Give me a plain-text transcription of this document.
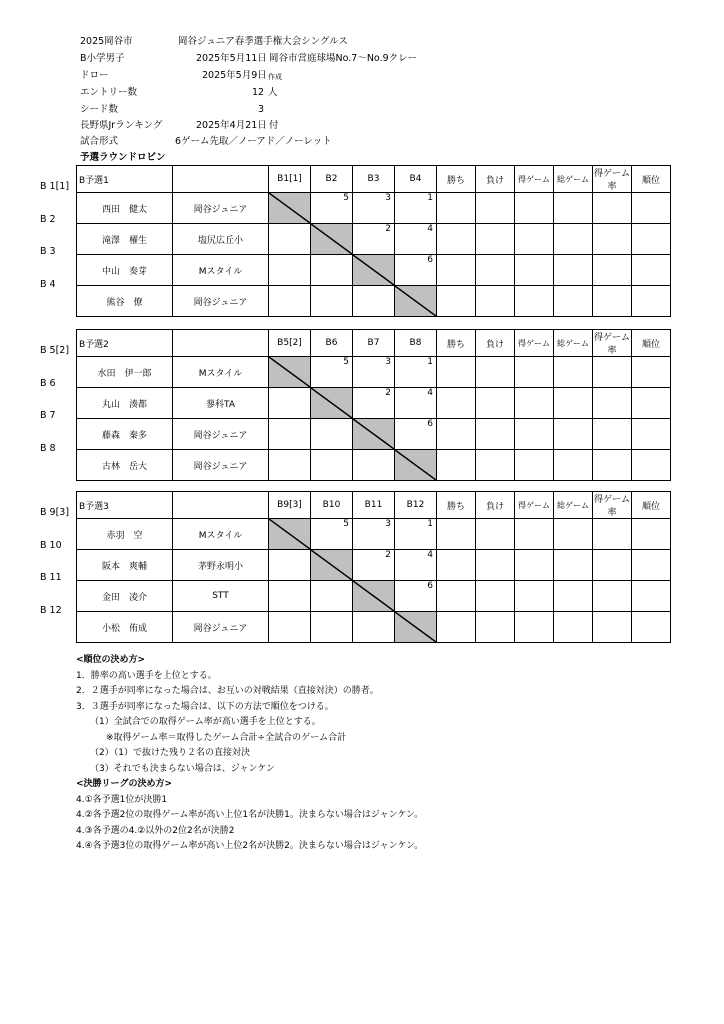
2025岡谷市	岡谷ジュニア春季選手権大会シングルス
B小学男子	2025年5月11日 岡谷市営庭球場No.7～No.9クレー
ドロー	2025年5月9日 作成
エントリー数	12 人
シード数	3
長野県Jrランキング	2025年4月21日 付
試合形式	6ゲーム先取／ノーアド／ノーレット
予選ラウンドロビン
B 1[1]
B 2
B 3
B 4
B予選1		B1[1]	B2	B3	B4	勝ち	負け	得ゲーム	総ゲーム	得ゲーム率	順位
西田　健太	岡谷ジュニア		5	3	1						
滝澤　櫂生	塩尻広丘小			2	4						
中山　奏芽	Mスタイル				6						
熊谷　僚	岡谷ジュニア				

B 5[2]
B 6
B 7
B 8
B予選2		B5[2]	B6	B7	B8	勝ち	負け	得ゲーム	総ゲーム	得ゲーム率	順位
水田　伊一郎	Mスタイル		5	3	1						
丸山　湊都	蓼科TA			2	4						
藤森　秦多	岡谷ジュニア				6						
古林　岳大	岡谷ジュニア				

B 9[3]
B 10
B 11
B 12
B予選3		B9[3]	B10	B11	B12	勝ち	負け	得ゲーム	総ゲーム	得ゲーム率	順位
赤羽　空	Mスタイル		5	3	1						
阪本　爽輔	茅野永明小			2	4						
金田　凌介	STT				6						
小松　侑成	岡谷ジュニア				

<順位の決め方>
1．勝率の高い選手を上位とする。
2．２選手が同率になった場合は、お互いの対戦結果（直接対決）の勝者。
3．３選手が同率になった場合は、以下の方法で順位をつける。
（1）全試合での取得ゲーム率が高い選手を上位とする。
※取得ゲーム率＝取得したゲーム合計÷全試合のゲーム合計
（2）（1）で抜けた残り２名の直接対決
（3）それでも決まらない場合は、ジャンケン
<決勝リーグの決め方>
4.①各予選1位が決勝1
4.②各予選2位の取得ゲーム率が高い上位1名が決勝1。決まらない場合はジャンケン。
4.③各予選の4.②以外の2位2名が決勝2
4.④各予選3位の取得ゲーム率が高い上位2名が決勝2。決まらない場合はジャンケン。
